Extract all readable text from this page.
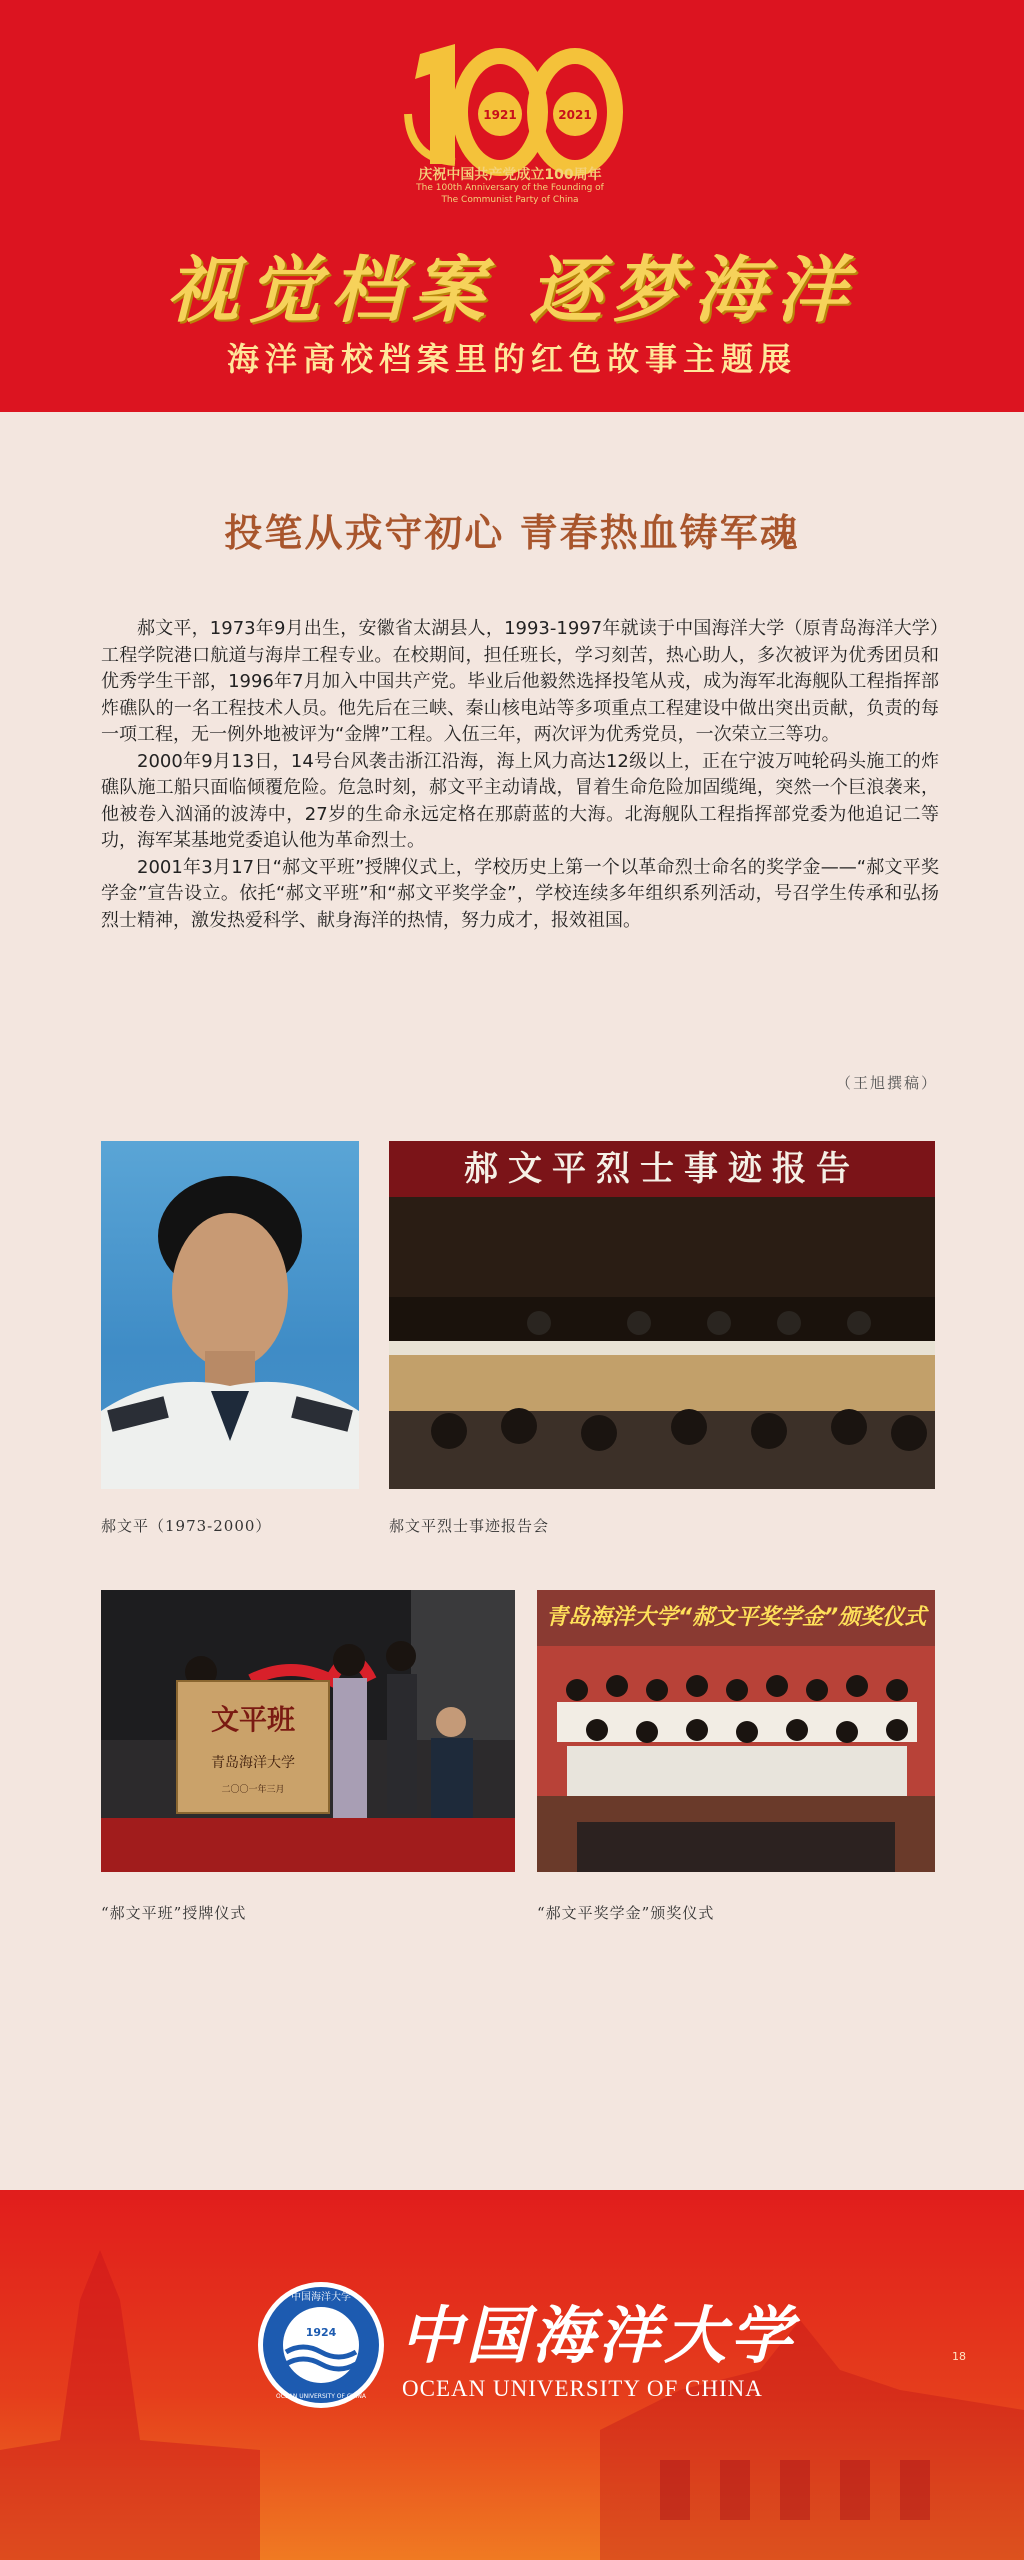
1921	2021
庆祝中国共产党成立100周年
The 100th Anniversary of the Founding of
The Communist Party of China
视觉档案 逐梦海洋
海洋高校档案里的红色故事主题展
投笔从戎守初心 青春热血铸军魂

郝文平，1973年9月出生，安徽省太湖县人，1993-1997年就读于中国海洋大学（原青岛海洋大学）工程学院港口航道与海岸工程专业。在校期间，担任班长，学习刻苦，热心助人，多次被评为优秀团员和优秀学生干部，1996年7月加入中国共产党。毕业后他毅然选择投笔从戎，成为海军北海舰队工程指挥部炸礁队的一名工程技术人员。他先后在三峡、秦山核电站等多项重点工程建设中做出突出贡献，负责的每一项工程，无一例外地被评为“金牌”工程。入伍三年，两次评为优秀党员，一次荣立三等功。

2000年9月13日，14号台风袭击浙江沿海，海上风力高达12级以上，正在宁波万吨轮码头施工的炸礁队施工船只面临倾覆危险。危急时刻，郝文平主动请战，冒着生命危险加固缆绳，突然一个巨浪袭来，他被卷入汹涌的波涛中，27岁的生命永远定格在那蔚蓝的大海。北海舰队工程指挥部党委为他追记二等功，海军某基地党委追认他为革命烈士。

2001年3月17日“郝文平班”授牌仪式上，学校历史上第一个以革命烈士命名的奖学金——“郝文平奖学金”宣告设立。依托“郝文平班”和“郝文平奖学金”，学校连续多年组织系列活动，号召学生传承和弘扬烈士精神，激发热爱科学、献身海洋的热情，努力成才，报效祖国。

（王旭撰稿）
郝文平（1973-2000）
郝文平烈士事迹报告
郝文平烈士事迹报告会
文平班
青岛海洋大学
二〇〇一年三月
“郝文平班”授牌仪式
青岛海洋大学“郝文平奖学金”颁奖仪式
“郝文平奖学金”颁奖仪式
1924
中国海洋大学
OCEAN UNIVERSITY OF CHINA
中国海洋大学
OCEAN UNIVERSITY OF CHINA
18
